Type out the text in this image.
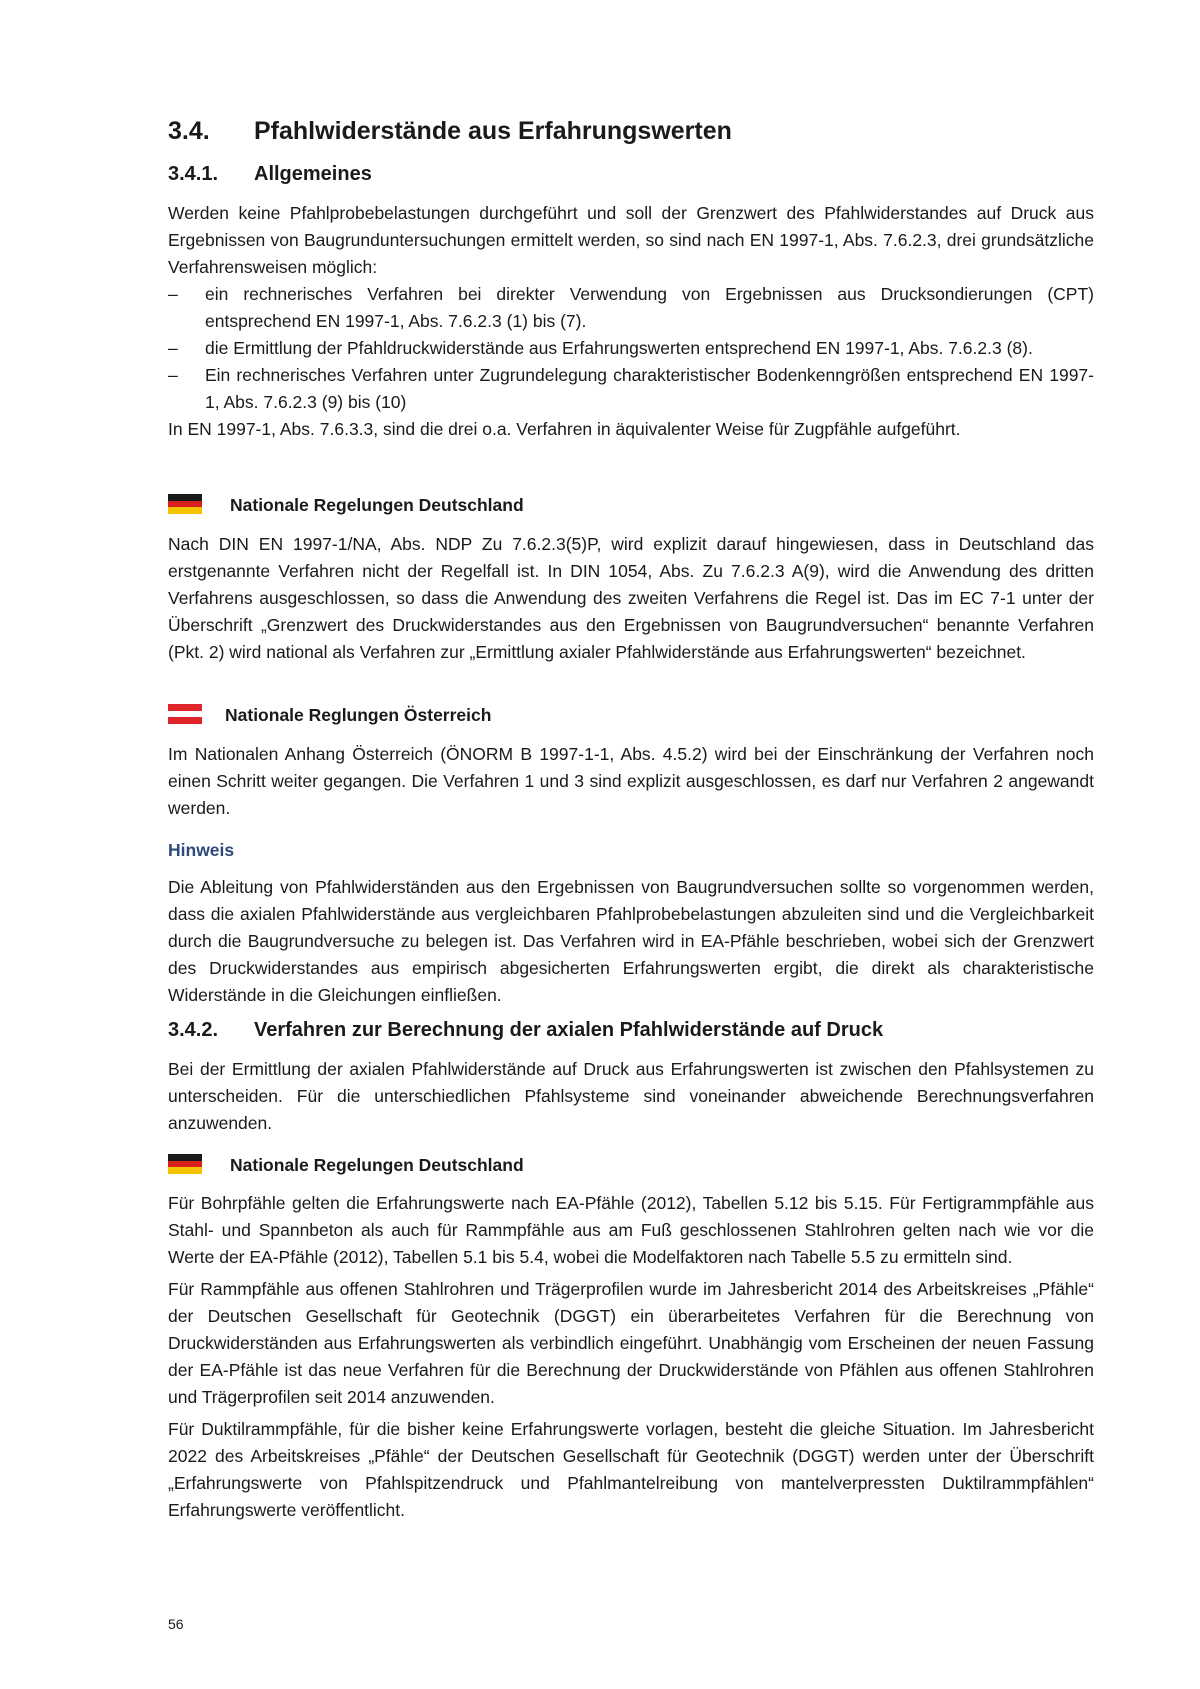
3.4. Pfahlwiderstände aus Erfahrungswerten
3.4.1. Allgemeines

Werden keine Pfahlprobebelastungen durchgeführt und soll der Grenzwert des Pfahlwiderstandes auf Druck aus Ergebnissen von Baugrunduntersuchungen ermittelt werden, so sind nach EN 1997-1, Abs. 7.6.2.3, drei grundsätzliche Verfahrensweisen möglich:

– ein rechnerisches Verfahren bei direkter Verwendung von Ergebnissen aus Drucksondierungen (CPT) entsprechend EN 1997-1, Abs. 7.6.2.3 (1) bis (7).
– die Ermittlung der Pfahldruckwiderstände aus Erfahrungswerten entsprechend EN 1997-1, Abs. 7.6.2.3 (8).
– Ein rechnerisches Verfahren unter Zugrundelegung charakteristischer Bodenkenngrößen entsprechend EN 1997-1, Abs. 7.6.2.3 (9) bis (10)

In EN 1997-1, Abs. 7.6.3.3, sind die drei o.a. Verfahren in äquivalenter Weise für Zugpfähle aufgeführt.

Nationale Regelungen Deutschland

Nach DIN EN 1997-1/NA, Abs. NDP Zu 7.6.2.3(5)P, wird explizit darauf hingewiesen, dass in Deutschland das erstgenannte Verfahren nicht der Regelfall ist. In DIN 1054, Abs. Zu 7.6.2.3 A(9), wird die Anwendung des dritten Verfahrens ausgeschlossen, so dass die Anwendung des zweiten Verfahrens die Regel ist. Das im EC 7-1 unter der Überschrift „Grenzwert des Druckwiderstandes aus den Ergebnissen von Baugrundversuchen“ benannte Verfahren (Pkt. 2) wird national als Verfahren zur „Ermittlung axialer Pfahlwiderstände aus Erfahrungswerten“ bezeichnet.

Nationale Reglungen Österreich

Im Nationalen Anhang Österreich (ÖNORM B 1997-1-1, Abs. 4.5.2) wird bei der Einschränkung der Verfahren noch einen Schritt weiter gegangen. Die Verfahren 1 und 3 sind explizit ausgeschlossen, es darf nur Verfahren 2 angewandt werden.

Hinweis

Die Ableitung von Pfahlwiderständen aus den Ergebnissen von Baugrundversuchen sollte so vorgenommen werden, dass die axialen Pfahlwiderstände aus vergleichbaren Pfahlprobebelastungen abzuleiten sind und die Vergleichbarkeit durch die Baugrundversuche zu belegen ist. Das Verfahren wird in EA-Pfähle beschrieben, wobei sich der Grenzwert des Druckwiderstandes aus empirisch abgesicherten Erfahrungswerten ergibt, die direkt als charakteristische Widerstände in die Gleichungen einfließen.

3.4.2. Verfahren zur Berechnung der axialen Pfahlwiderstände auf Druck

Bei der Ermittlung der axialen Pfahlwiderstände auf Druck aus Erfahrungswerten ist zwischen den Pfahlsystemen zu unterscheiden. Für die unterschiedlichen Pfahlsysteme sind voneinander abweichende Berechnungsverfahren anzuwenden.

Nationale Regelungen Deutschland

Für Bohrpfähle gelten die Erfahrungswerte nach EA-Pfähle (2012), Tabellen 5.12 bis 5.15. Für Fertigrammpfähle aus Stahl- und Spannbeton als auch für Rammpfähle aus am Fuß geschlossenen Stahlrohren gelten nach wie vor die Werte der EA-Pfähle (2012), Tabellen 5.1 bis 5.4, wobei die Modelfaktoren nach Tabelle 5.5 zu ermitteln sind.

Für Rammpfähle aus offenen Stahlrohren und Trägerprofilen wurde im Jahresbericht 2014 des Arbeitskreises „Pfähle“ der Deutschen Gesellschaft für Geotechnik (DGGT) ein überarbeitetes Verfahren für die Berechnung von Druckwiderständen aus Erfahrungswerten als verbindlich eingeführt. Unabhängig vom Erscheinen der neuen Fassung der EA-Pfähle ist das neue Verfahren für die Berechnung der Druckwiderstände von Pfählen aus offenen Stahlrohren und Trägerprofilen seit 2014 anzuwenden.

Für Duktilrammpfähle, für die bisher keine Erfahrungswerte vorlagen, besteht die gleiche Situation. Im Jahresbericht 2022 des Arbeitskreises „Pfähle“ der Deutschen Gesellschaft für Geotechnik (DGGT) werden unter der Überschrift „Erfahrungswerte von Pfahlspitzendruck und Pfahlmantelreibung von mantelverpressten Duktilrammpfählen“ Erfahrungswerte veröffentlicht.

56
